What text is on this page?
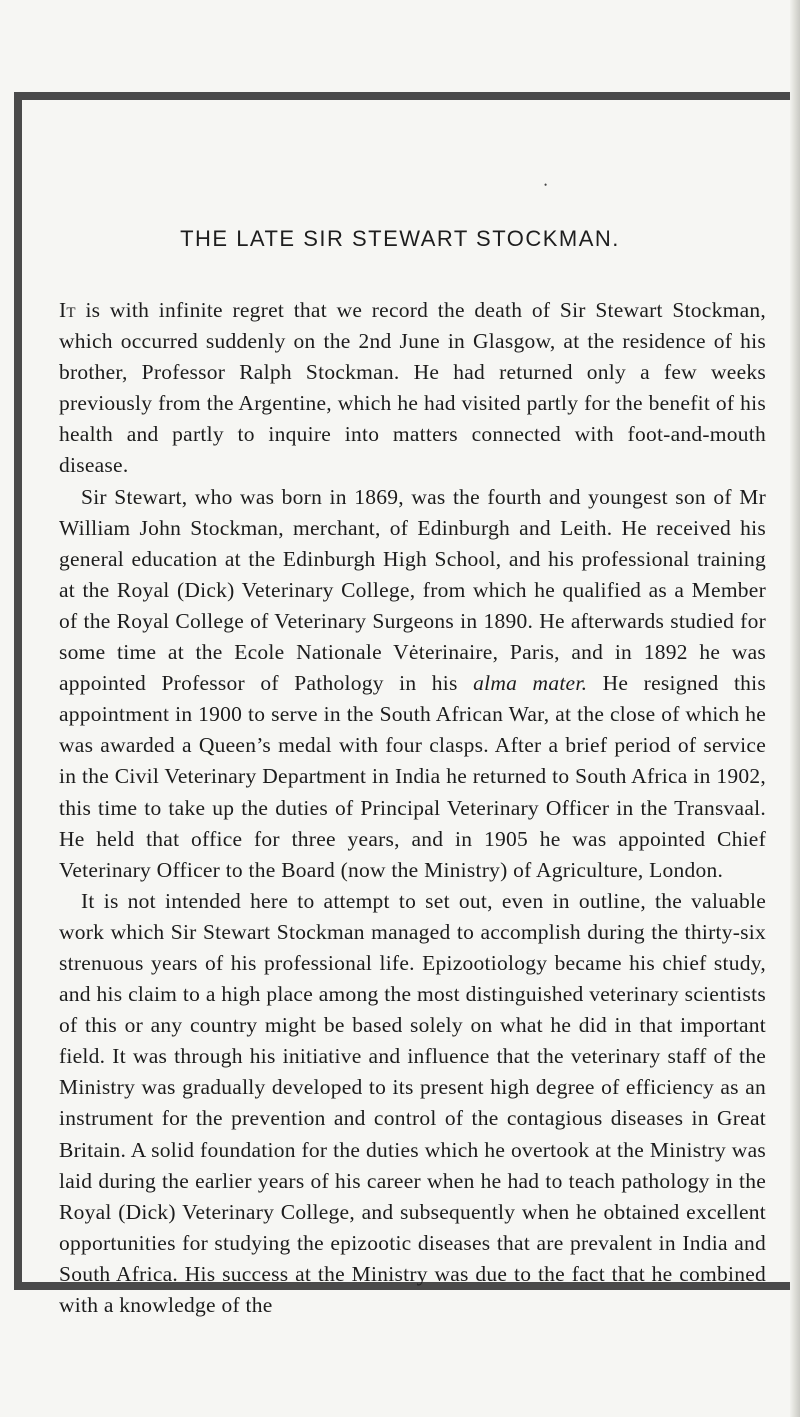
•
THE LATE SIR STEWART STOCKMAN.

It is with infinite regret that we record the death of Sir Stewart Stockman, which occurred suddenly on the 2nd June in Glasgow, at the residence of his brother, Professor Ralph Stockman. He had returned only a few weeks previously from the Argentine, which he had visited partly for the benefit of his health and partly to inquire into matters connected with foot-and-mouth disease.

Sir Stewart, who was born in 1869, was the fourth and youngest son of Mr William John Stockman, merchant, of Edinburgh and Leith. He received his general education at the Edinburgh High School, and his professional training at the Royal (Dick) Veterinary College, from which he qualified as a Member of the Royal College of Veterinary Surgeons in 1890. He afterwards studied for some time at the Ecole Nationale Vėterinaire, Paris, and in 1892 he was appointed Professor of Pathology in his alma mater. He resigned this appointment in 1900 to serve in the South African War, at the close of which he was awarded a Queen’s medal with four clasps. After a brief period of service in the Civil Veterinary Department in India he returned to South Africa in 1902, this time to take up the duties of Principal Veterinary Officer in the Transvaal. He held that office for three years, and in 1905 he was appointed Chief Veterinary Officer to the Board (now the Ministry) of Agriculture, London.

It is not intended here to attempt to set out, even in outline, the valuable work which Sir Stewart Stockman managed to accomplish during the thirty-six strenuous years of his professional life. Epizootiology became his chief study, and his claim to a high place among the most distinguished veterinary scientists of this or any country might be based solely on what he did in that important field. It was through his initiative and influence that the veterinary staff of the Ministry was gradually developed to its present high degree of efficiency as an instrument for the prevention and control of the contagious diseases in Great Britain. A solid foundation for the duties which he overtook at the Ministry was laid during the earlier years of his career when he had to teach pathology in the Royal (Dick) Veterinary College, and subsequently when he obtained excellent opportunities for studying the epizootic diseases that are prevalent in India and South Africa. His success at the Ministry was due to the fact that he combined with a knowledge of the
